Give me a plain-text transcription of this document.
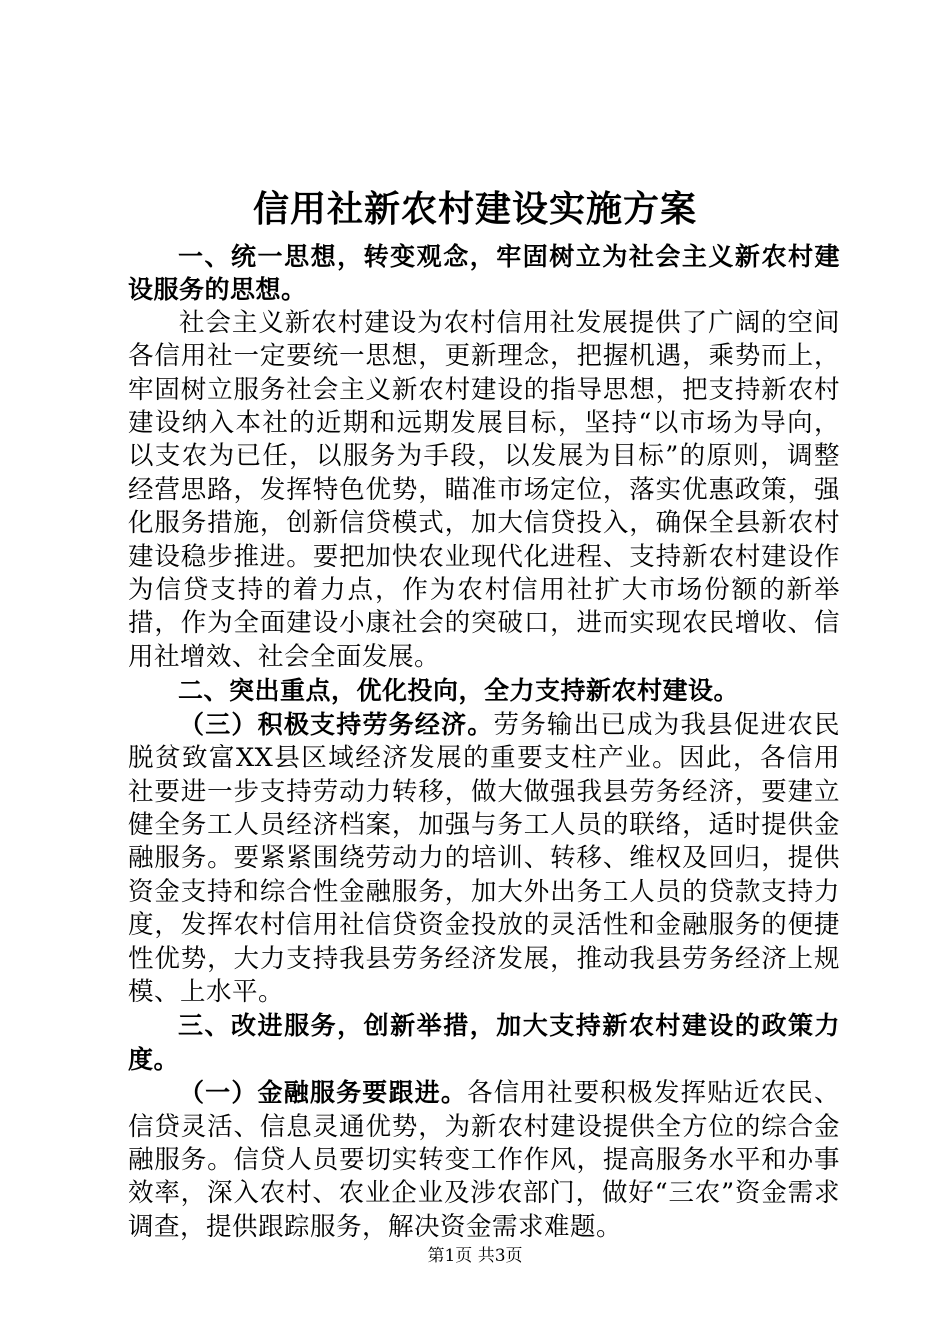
信用社新农村建设实施方案

一、统一思想，转变观念，牢固树立为社会主义新农村建设服务的思想。

社会主义新农村建设为农村信用社发展提供了广阔的空间各信用社一定要统一思想，更新理念，把握机遇，乘势而上，牢固树立服务社会主义新农村建设的指导思想，把支持新农村建设纳入本社的近期和远期发展目标，坚持“以市场为导向，以支农为已任，以服务为手段，以发展为目标”的原则，调整经营思路，发挥特色优势，瞄准市场定位，落实优惠政策，强化服务措施，创新信贷模式，加大信贷投入，确保全县新农村建设稳步推进。要把加快农业现代化进程、支持新农村建设作为信贷支持的着力点，作为农村信用社扩大市场份额的新举措，作为全面建设小康社会的突破口，进而实现农民增收、信用社增效、社会全面发展。

二、突出重点，优化投向，全力支持新农村建设。

（三）积极支持劳务经济。劳务输出已成为我县促进农民脱贫致富XX县区域经济发展的重要支柱产业。因此，各信用社要进一步支持劳动力转移，做大做强我县劳务经济，要建立健全务工人员经济档案，加强与务工人员的联络，适时提供金融服务。要紧紧围绕劳动力的培训、转移、维权及回归，提供资金支持和综合性金融服务，加大外出务工人员的贷款支持力度，发挥农村信用社信贷资金投放的灵活性和金融服务的便捷性优势，大力支持我县劳务经济发展，推动我县劳务经济上规模、上水平。

三、改进服务，创新举措，加大支持新农村建设的政策力度。

（一）金融服务要跟进。各信用社要积极发挥贴近农民、信贷灵活、信息灵通优势，为新农村建设提供全方位的综合金融服务。信贷人员要切实转变工作作风，提高服务水平和办事效率，深入农村、农业企业及涉农部门，做好“三农”资金需求调查，提供跟踪服务，解决资金需求难题。

第1页 共3页
